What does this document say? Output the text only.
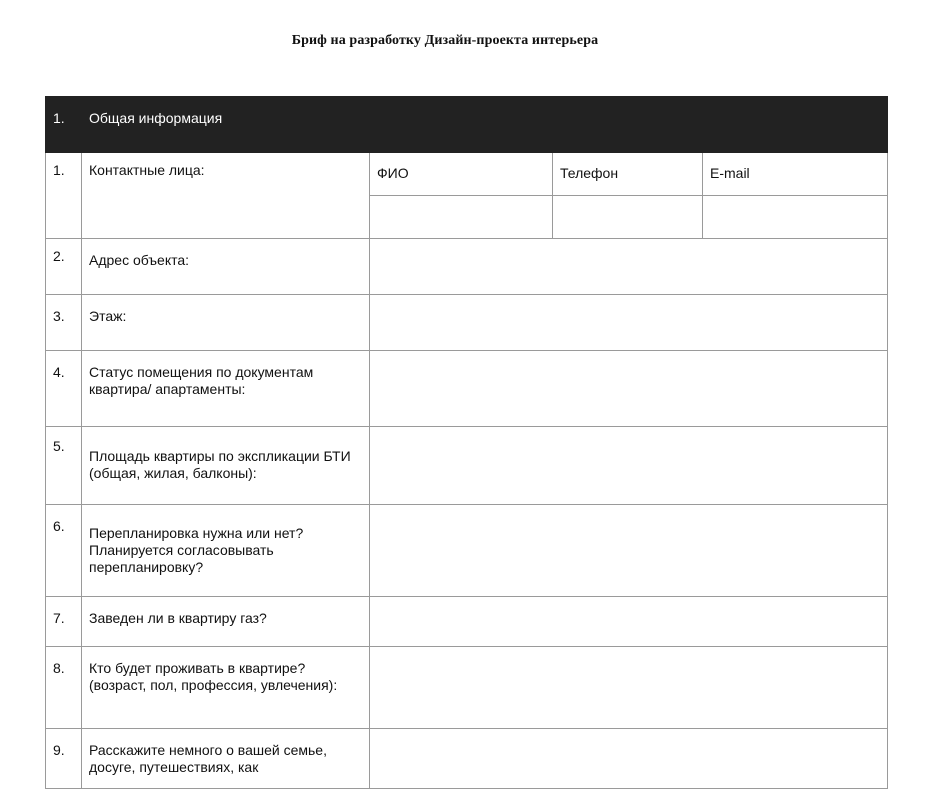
Бриф на разработку Дизайн-проекта интерьера
1.	Общая информация			
1.	Контактные лица:	ФИО	Телефон	E-mail

2.	Адрес объекта:			
3.	Этаж:			
4.	Статус помещения по документам квартира/ апартаменты:			
5.	Площадь квартиры по экспликации БТИ (общая, жилая, балконы):			
6.	Перепланировка нужна или нет? Планируется согласовывать перепланировку?			
7.	Заведен ли в квартиру газ?			
8.	Кто будет проживать в квартире? (возраст, пол, профессия, увлечения):			
9.	Расскажите немного о вашей семье, досуге, путешествиях, как			
